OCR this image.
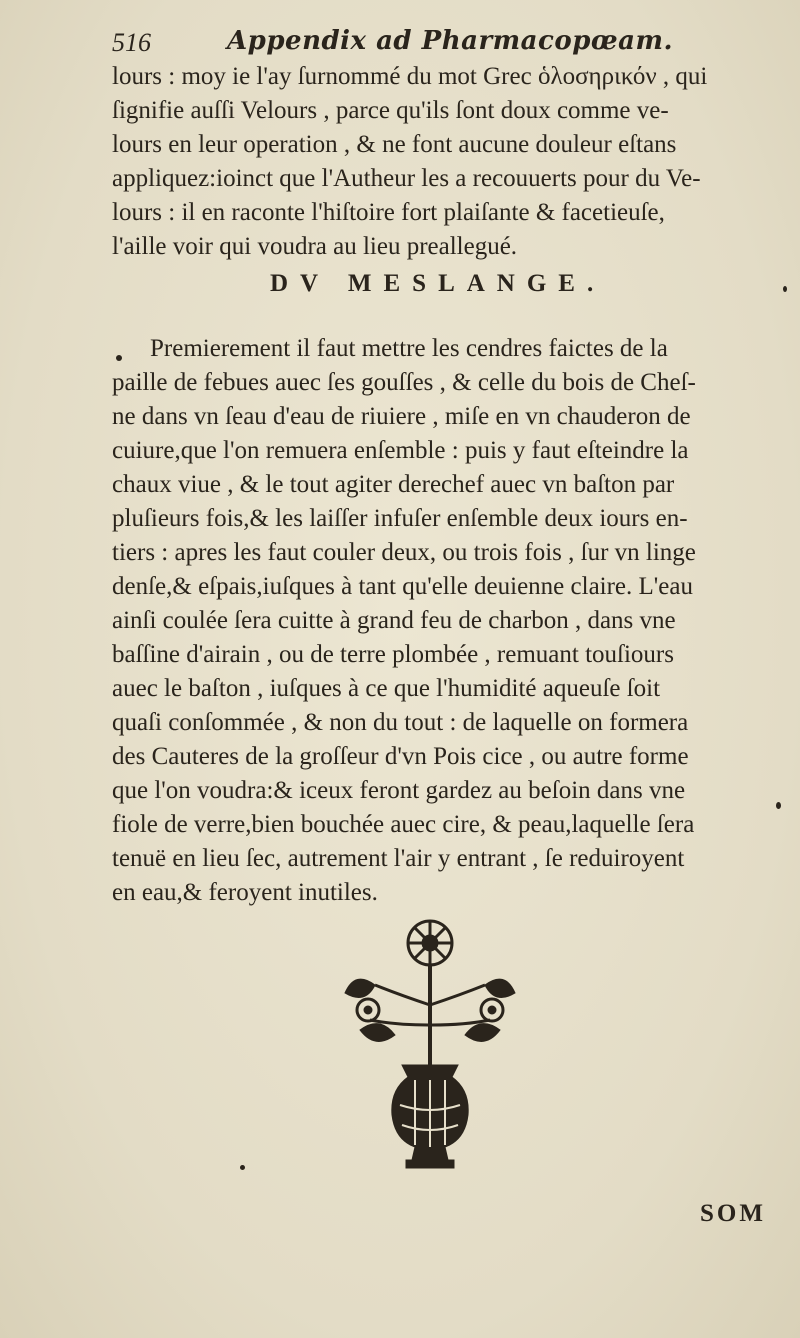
516	Appendix ad Pharmacopœam.
lours : moy ie l'ay ſurnommé du mot Grec ὁλοσηρικόν , qui
ſignifie auſſi Velours , parce qu'ils ſont doux comme ve-
lours en leur operation , & ne font aucune douleur eſtans
appliquez:ioinct que l'Autheur les a recouuerts pour du Ve-
lours : il en raconte l'hiſtoire fort plaiſante & facetieuſe,
l'aille voir qui voudra au lieu preallegué.
DV MESLANGE.
Premierement il faut mettre les cendres faictes de la
paille de febues auec ſes gouſſes , & celle du bois de Cheſ-
ne dans vn ſeau d'eau de riuiere , miſe en vn chauderon de
cuiure,que l'on remuera enſemble : puis y faut eſteindre la
chaux viue , & le tout agiter derechef auec vn baſton par
pluſieurs fois,& les laiſſer infuſer enſemble deux iours en-
tiers : apres les faut couler deux, ou trois fois , ſur vn linge
denſe,& eſpais,iuſques à tant qu'elle deuienne claire. L'eau
ainſi coulée ſera cuitte à grand feu de charbon , dans vne
baſſine d'airain , ou de terre plombée , remuant touſiours
auec le baſton , iuſques à ce que l'humidité aqueuſe ſoit
quaſi conſommée , & non du tout : de laquelle on formera
des Cauteres de la groſſeur d'vn Pois cice , ou autre forme
que l'on voudra:& iceux feront gardez au beſoin dans vne
fiole de verre,bien bouchée auec cire, & peau,laquelle ſera
tenuë en lieu ſec, autrement l'air y entrant , ſe reduiroyent
en eau,& feroyent inutiles.
SOM
